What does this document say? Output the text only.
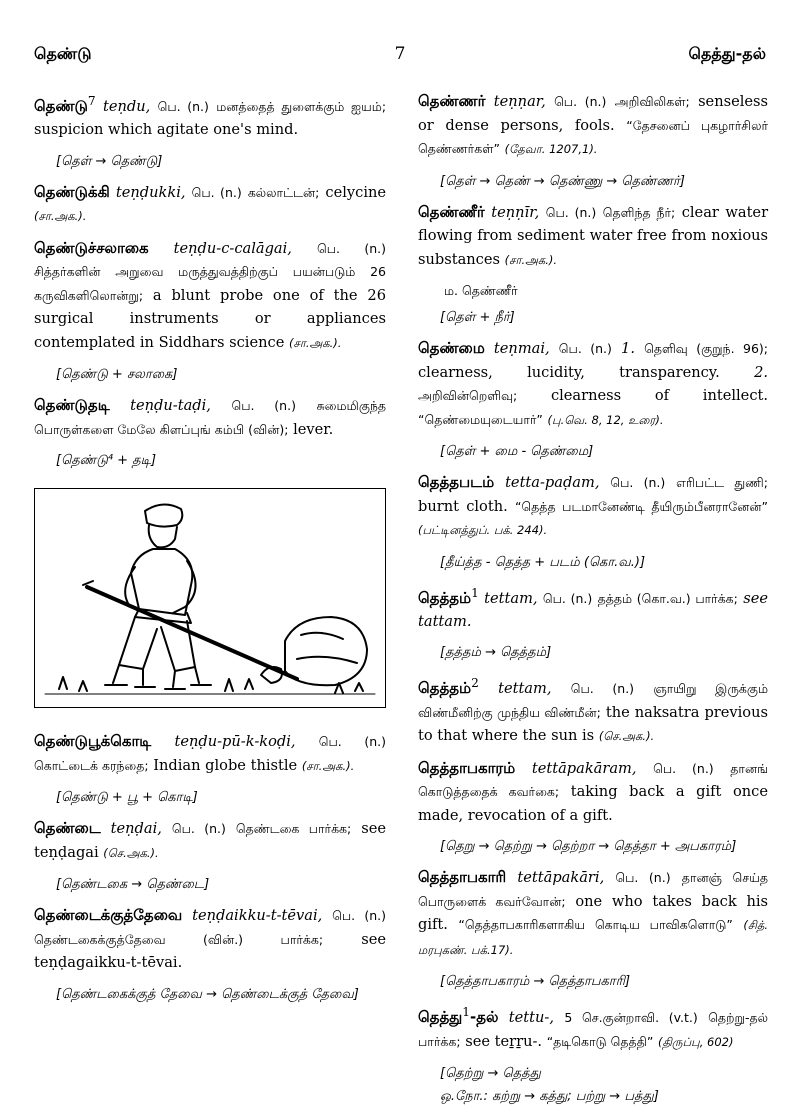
தெண்டு	7	தெத்து-தல்
தெண்டு$^7$ teṇdu, பெ. (n.) மனத்தைத் துளைக்கும் ஐயம்; suspicion which agitate one's mind.
[தெள் → தெண்டு]
தெண்டுக்கி teṇḍukki, பெ. (n.) கல்லாட்டன்; celycine (சா.அக.).
தெண்டுச்சலாகை teṇḍu-c-calāgai, பெ. (n.) சித்தர்களின் அறுவை மருத்துவத்திற்குப் பயன்படும் 26 கருவிகளிலொன்று; a blunt probe one of the 26 surgical instruments or appliances contemplated in Siddhars science (சா.அக.).
[தெண்டு + சலாகை]
தெண்டுதடி teṇḍu-taḍi, பெ. (n.) சுமைமிகுந்த பொருள்களை மேலே கிளப்புங் கம்பி (வின்); lever.
[தெண்டு⁴ + தடி]
தெண்டுபூக்கொடி teṇḍu-pū-k-koḍi, பெ. (n.) கொட்டைக் கரந்தை; Indian globe thistle (சா.அக.).
[தெண்டு + பூ + கொடி]
தெண்டை teṇḍai, பெ. (n.) தெண்டகை பார்க்க; see teṇḍagai (செ.அக.).
[தெண்டகை → தெண்டை]
தெண்டைக்குத்தேவை teṇḍaikku-t-tēvai, பெ. (n.) தெண்டகைக்குத்தேவை (வின்.) பார்க்க;	see teṇḍagaikku-t-tēvai.
[தெண்டகைக்குத் தேவை → தெண்டைக்குத் தேவை]
தெண்ணர் teṇṇar, பெ. (n.) அறிவிலிகள்; senseless or dense persons, fools. “தேசனைப் புகழார்சிலர் தெண்ணர்கள்” (தேவா. 1207,1).
[தெள் → தெண் → தெண்ணு → தெண்ணர்]
தெண்ணீர் teṇṇīr, பெ. (n.) தெளிந்த நீர்; clear water flowing from sediment water free from noxious substances (சா.அக.).
ம. தெண்ணீர்
[தெள் + நீர்]
தெண்மை teṇmai, பெ. (n.) 1. தெளிவு (குறுந். 96); clearness, lucidity, transparency. 2. அறிவின்றெளிவு; clearness of intellect. “தெண்மையுடையார்” (பு.வெ. 8, 12, உரை).
[தெள் + மை - தெண்மை]
தெத்தபடம் tetta-paḍam, பெ. (n.) எரிபட்ட துணி; burnt cloth. “தெத்த படமானேண்டி தீயிரும்பீனரானேன்” (பட்டினத்துப். பக். 244).
[தீய்த்த - தெத்த + படம் (கொ.வ.)]
தெத்தம்$^1$ tettam, பெ. (n.) தத்தம் (கொ.வ.) பார்க்க; see tattam.
[தத்தம் → தெத்தம்]
தெத்தம்$^2$ tettam, பெ. (n.) ஞாயிறு இருக்கும் விண்மீனிற்கு முந்திய விண்மீன்; the naksatra previous to that where the sun is (செ.அக.).
தெத்தாபகாரம் tettāpakāram, பெ. (n.) தானங் கொடுத்ததைக் கவர்கை; taking back a gift once made, revocation of a gift.
[தெறு → தெற்று → தெற்றா → தெத்தா + அபகாரம்]
தெத்தாபகாரி tettāpakāri, பெ. (n.) தானஞ் செய்த பொருளைக் கவர்வோன்; one who takes back his gift. “தெத்தாபகாரிகளாகிய கொடிய பாவிகளொடு” (சித். மரபுகண். பக்.17).
[தெத்தாபகாரம் → தெத்தாபகாரி]
தெத்து$^1$-தல் tettu-, 5 செ.குன்றாவி. (v.t.) தெற்று-தல் பார்க்க; see teṟṟu-. “தடிகொடு தெத்தி” (திருப்பு, 602)
[தெற்று → தெத்து
ஒ.நோ.: கற்று → கத்து; பற்று → பத்து]
